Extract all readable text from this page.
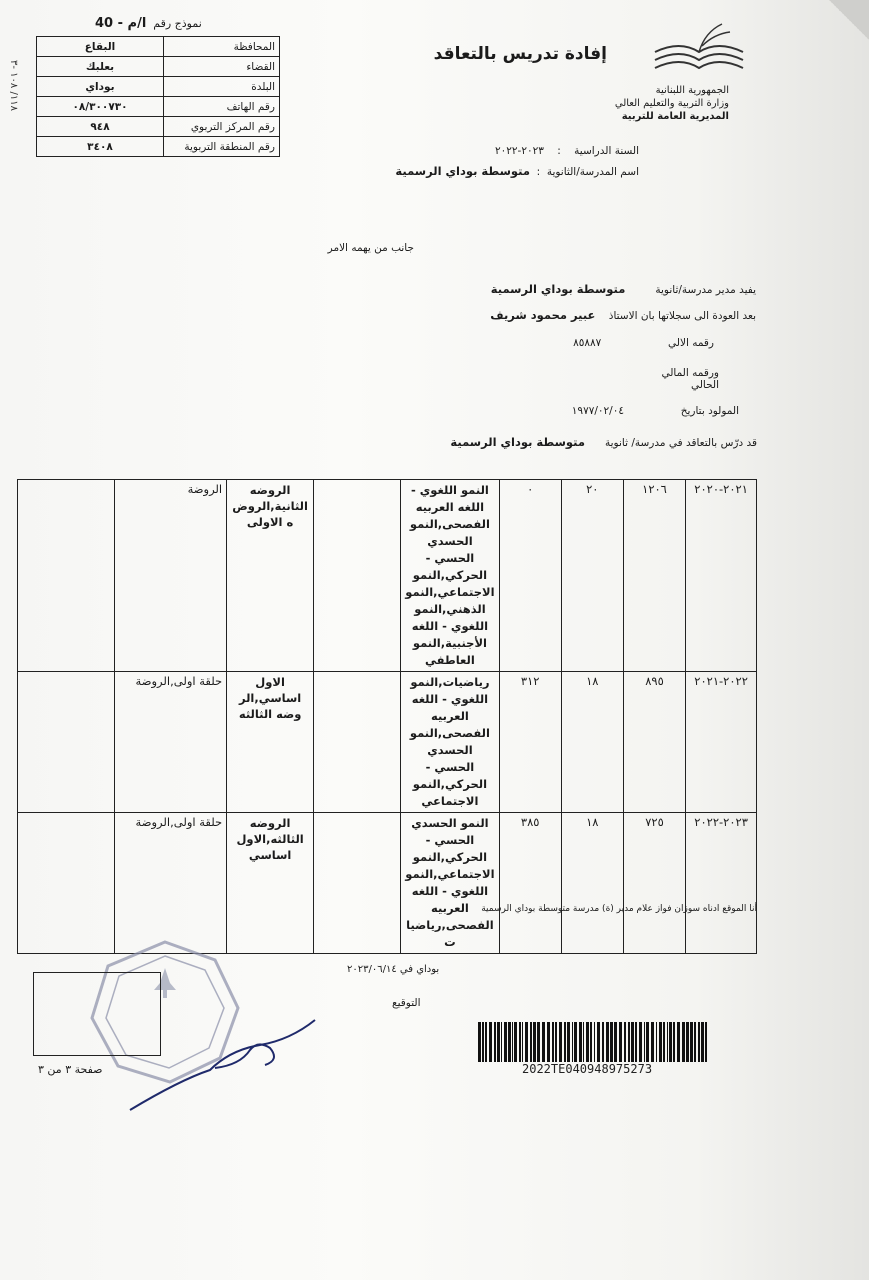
نموذج رقم  ا/م - 40
١١٨/ ١٠٨ -٣
المحافظة	البقاع
القضاء	بعلبك
البلدة	بوداي
رقم الهاتف	٠٨/٣٠٠٧٣٠
رقم المركز التربوي	٩٤٨
رقم المنطقة التربوية	٣٤٠٨
الجمهورية اللبنانية
وزارة التربية والتعليم العالي
المديرية العامة للتربية
إفادة تدريس بالتعاقد
السنة الدراسية    :    ٢٠٢٣-٢٠٢٢
اسم المدرسة/الثانوية  :  متوسطة بوداي الرسمية
جانب من يهمه الامر
يفيد مدير مدرسة/ثانوية         متوسطة بوداي الرسمية
بعد العودة الى سجلاتها بان الاستاذ    عبير محمود شريف
رقمه الالي  ٨٥٨٨٧
ورقمه المالي
الحالي
المولود بتاريخ  ١٩٧٧/٠٢/٠٤
قد درّس بالتعاقد في مدرسة/ ثانوية      متوسطة بوداي الرسمية
٢٠٢١-٢٠٢٠	١٢٠٦	٢٠	٠	النمو اللغوي - اللغه العربيه الفصحى,النمو الحسدي الحسي - الحركي,النمو الاجتماعي,النمو الذهني,النمو اللغوي - اللغه الأجنبية,النمو العاطفي		الروضه الثانية,الروض ه الاولى	الروضة	
٢٠٢٢-٢٠٢١	٨٩٥	١٨	٣١٢	رياضيات,النمو اللغوي - اللغه العربيه الفصحى,النمو الحسدي الحسي - الحركي,النمو الاجتماعي		الاول اساسي,الر وضه الثالثه	حلقة اولى,الروضة	
٢٠٢٣-٢٠٢٢	٧٢٥	١٨	٣٨٥	النمو الحسدي الحسي - الحركي,النمو الاجتماعي,النمو اللغوي - اللغه العربيه الفصحى,رياضيا ت		الروضه الثالثه,الاول اساسي	حلقة اولى,الروضة	
أنا الموقع ادناه سوزان فواز علام مدير (ة) مدرسة متوسطة بوداي الرسمية
بوداي في ٢٠٢٣/٠٦/١٤
التوقيع
صفحة ٣ من ٣	2022TE040948975273
